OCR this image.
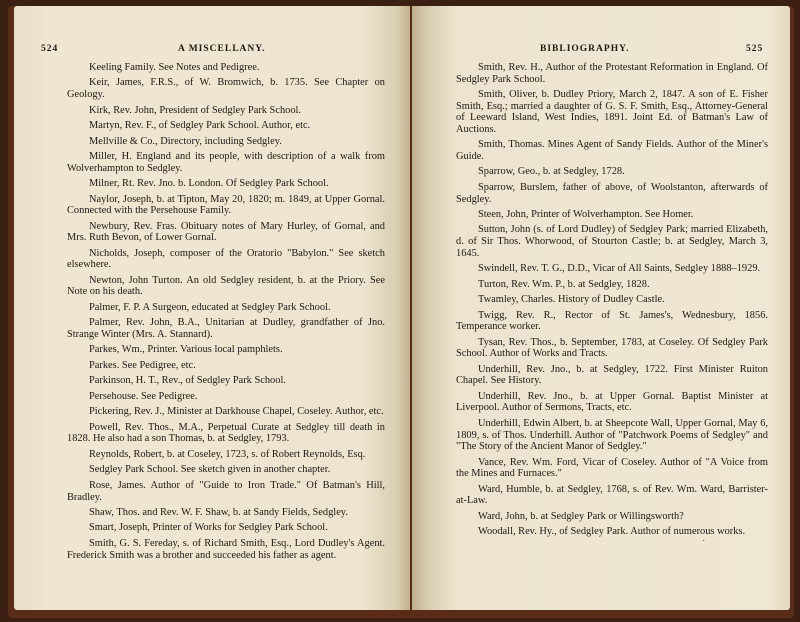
524	A MISCELLANY.

Keeling Family. See Notes and Pedigree.

Keir, James, F.R.S., of W. Bromwich, b. 1735. See Chapter on Geology.

Kirk, Rev. John, President of Sedgley Park School.

Martyn, Rev. F., of Sedgley Park School. Author, etc.

Mellville & Co., Directory, including Sedgley.

Miller, H. England and its people, with description of a walk from Wolverhampton to Sedgley.

Milner, Rt. Rev. Jno. b. London. Of Sedgley Park School.

Naylor, Joseph, b. at Tipton, May 20, 1820; m. 1849, at Upper Gornal. Connected with the Persehouse Family.

Newbury, Rev. Fras. Obituary notes of Mary Hurley, of Gornal, and Mrs. Ruth Bevon, of Lower Gornal.

Nicholds, Joseph, composer of the Oratorio "Babylon." See sketch elsewhere.

Newton, John Turton. An old Sedgley resident, b. at the Priory. See Note on his death.

Palmer, F. P. A Surgeon, educated at Sedgley Park School.

Palmer, Rev. John, B.A., Unitarian at Dudley, grandfather of Jno. Strange Winter (Mrs. A. Stannard).

Parkes, Wm., Printer. Various local pamphlets.

Parkes. See Pedigree, etc.

Parkinson, H. T., Rev., of Sedgley Park School.

Persehouse. See Pedigree.

Pickering, Rev. J., Minister at Darkhouse Chapel, Coseley. Author, etc.

Powell, Rev. Thos., M.A., Perpetual Curate at Sedgley till death in 1828. He also had a son Thomas, b. at Sedgley, 1793.

Reynolds, Robert, b. at Coseley, 1723, s. of Robert Reynolds, Esq.

Sedgley Park School. See sketch given in another chapter.

Rose, James. Author of "Guide to Iron Trade." Of Batman's Hill, Bradley.

Shaw, Thos. and Rev. W. F. Shaw, b. at Sandy Fields, Sedgley.

Smart, Joseph, Printer of Works for Sedgley Park School.

Smith, G. S. Fereday, s. of Richard Smith, Esq., Lord Dudley's Agent. Frederick Smith was a brother and succeeded his father as agent.

BIBLIOGRAPHY.	525

Smith, Rev. H., Author of the Protestant Reformation in England. Of Sedgley Park School.

Smith, Oliver, b. Dudley Priory, March 2, 1847. A son of E. Fisher Smith, Esq.; married a daughter of G. S. F. Smith, Esq., Attorney-General of Leeward Island, West Indies, 1891. Joint Ed. of Batman's Law of Auctions.

Smith, Thomas. Mines Agent of Sandy Fields. Author of the Miner's Guide.

Sparrow, Geo., b. at Sedgley, 1728.

Sparrow, Burslem, father of above, of Woolstanton, afterwards of Sedgley.

Steen, John, Printer of Wolverhampton. See Homer.

Sutton, John (s. of Lord Dudley) of Sedgley Park; married Elizabeth, d. of Sir Thos. Whorwood, of Stourton Castle; b. at Sedgley, March 3, 1645.

Swindell, Rev. T. G., D.D., Vicar of All Saints, Sedgley 1888–1929.

Turton, Rev. Wm. P., b. at Sedgley, 1828.

Twamley, Charles. History of Dudley Castle.

Twigg, Rev. R., Rector of St. James's, Wednesbury, 1856. Temperance worker.

Tysan, Rev. Thos., b. September, 1783, at Coseley. Of Sedgley Park School. Author of Works and Tracts.

Underhill, Rev. Jno., b. at Sedgley, 1722. First Minister Ruiton Chapel. See History.

Underhill, Rev. Jno., b. at Upper Gornal. Baptist Minister at Liverpool. Author of Sermons, Tracts, etc.

Underhill, Edwin Albert, b. at Sheepcote Wall, Upper Gornal, May 6, 1809, s. of Thos. Underhill. Author of "Patchwork Poems of Sedgley" and "The Story of the Ancient Manor of Sedgley."

Vance, Rev. Wm. Ford, Vicar of Coseley. Author of "A Voice from the Mines and Furnaces."

Ward, Humble, b. at Sedgley, 1768, s. of Rev. Wm. Ward, Barrister-at-Law.

Ward, John, b. at Sedgley Park or Willingsworth?

Woodall, Rev. Hy., of Sedgley Park. Author of numerous works.

·
